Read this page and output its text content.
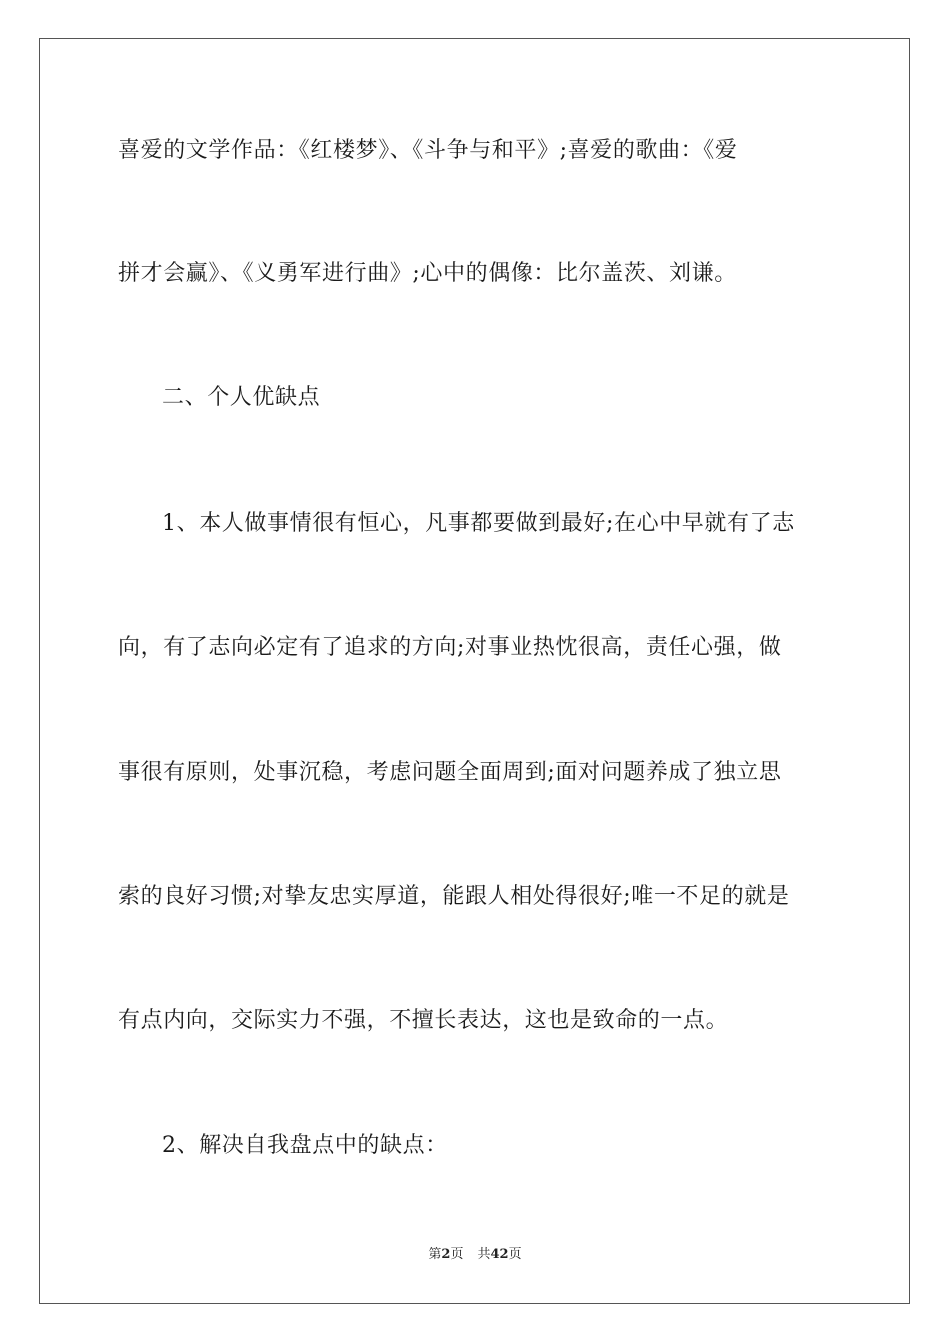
喜爱的文学作品：《红楼梦》、《斗争与和平》;喜爱的歌曲：《爱
拼才会赢》、《义勇军进行曲》;心中的偶像：比尔盖茨、刘谦。
二、个人优缺点
1、本人做事情很有恒心，凡事都要做到最好;在心中早就有了志
向，有了志向必定有了追求的方向;对事业热忱很高，责任心强，做
事很有原则，处事沉稳，考虑问题全面周到;面对问题养成了独立思
索的良好习惯;对挚友忠实厚道，能跟人相处得很好;唯一不足的就是
有点内向，交际实力不强，不擅长表达，这也是致命的一点。
2、解决自我盘点中的缺点：
第2页 共42页
